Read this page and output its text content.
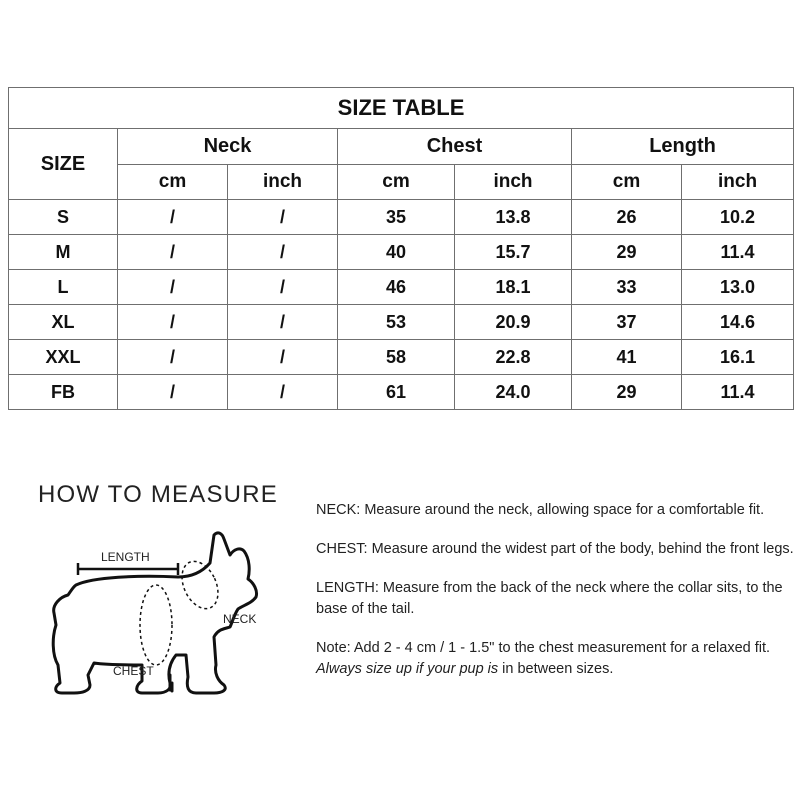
SIZE TABLE						
SIZE	Neck		Chest		Length	
	cm	inch	cm	inch	cm	inch
S	/	/	35	13.8	26	10.2
M	/	/	40	15.7	29	11.4
L	/	/	46	18.1	33	13.0
XL	/	/	53	20.9	37	14.6
XXL	/	/	58	22.8	41	16.1
FB	/	/	61	24.0	29	11.4
HOW TO MEASURE
LENGTH
NECK
CHEST

NECK: Measure around the neck, allowing space for a comfortable fit.

CHEST: Measure around the widest part of the body, behind the front legs.

LENGTH: Measure from the back of the neck where the collar sits, to the base of the tail.

Note: Add 2 - 4 cm / 1 - 1.5" to the chest measurement for a relaxed fit.
Always size up if your pup is in between sizes.
